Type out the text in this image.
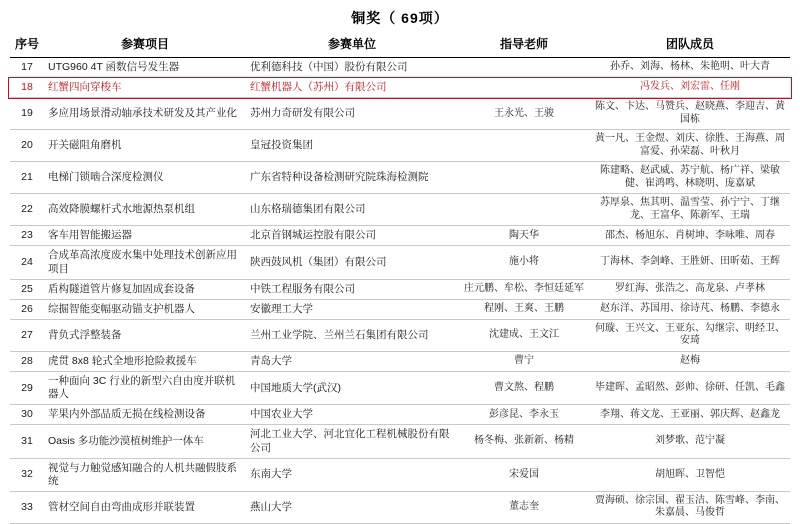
铜奖（ 69项）
序号	参赛项目	参赛单位	指导老师	团队成员
17	UTG960 4T 函数信号发生器	优利德科技（中国）股份有限公司		孙乔、刘海、杨林、朱艳明、叶大青
18	红蟹四向穿梭车	红蟹机器人（苏州）有限公司		冯发兵、刘宏雷、任刚
19	多应用场景滑动轴承技术研发及其产业化	苏州力奇研发有限公司	王永光、王骏	陈文、卞达、马赞兵、赵晓燕、李迎吉、黄国栋
20	开关磁阻角磨机	皇冠投资集团		黄一凡、王金煜、刘庆、徐胜、王海燕、周富爱、孙荣磊、叶秋月
21	电梯门锁啮合深度检测仪	广东省特种设备检测研究院珠海检测院		陈建略、赵武威、苏宁航、杨广祥、梁敏健、崔鸿鸣、林晓明、庞嘉斌
22	高效降膜螺杆式水地源热泵机组	山东格瑞德集团有限公司		苏厚泉、焦其明、温雪莹、孙宁宁、丁继龙、王富华、陈新军、王瑞
23	客车用智能搬运器	北京首钢城运控股有限公司	陶天华	邵杰、杨旭东、肖树坤、李咏唯、周春
24	合成革高浓度废水集中处理技术创新应用项目	陕西鼓风机（集团）有限公司	施小将	丁海林、李剑峰、王胜妍、田昕茹、王辉
25	盾构隧道管片修复加固成套设备	中铁工程服务有限公司	庄元鹏、牟松、李恒廷延军	罗红海、张浩之、高龙泉、卢孝林
26	综掘智能变幅驱动锚支护机器人	安徽理工大学	程刚、王爽、王鹏	赵东洋、苏国用、徐诗芃、杨鹏、李德永
27	背负式浮整装备	兰州工业学院、兰州兰石集团有限公司	沈建成、王文江	何璇、王兴文、王亚东、勾继宗、明经卫、安琦
28	虎贯 8x8 轮式全地形抢险救援车	青岛大学	曹宁	赵梅
29	一种面向 3C 行业的新型六自由度并联机器人	中国地质大学(武汉)	曹文熬、程鹏	毕建晖、孟昭然、彭帅、徐研、任凯、毛鑫
30	苹果内外部品质无损在线检测设备	中国农业大学	彭彦昆、李永玉	李翔、蒋文龙、王亚丽、郭庆辉、赵鑫龙
31	Oasis 多功能沙漠植树维护一体车	河北工业大学、河北宜化工程机械股份有限公司	杨冬梅、张新新、杨精	刘梦歌、范宁凝
32	视觉与力触觉感知融合的人机共融假肢系统	东南大学	宋爱国	胡旭晖、卫智恺
33	管材空间自由弯曲成形并联装置	燕山大学	董志奎	贾海硕、徐宗国、翟玉洁、陈雪峰、李南、朱嘉晨、马俊哲
